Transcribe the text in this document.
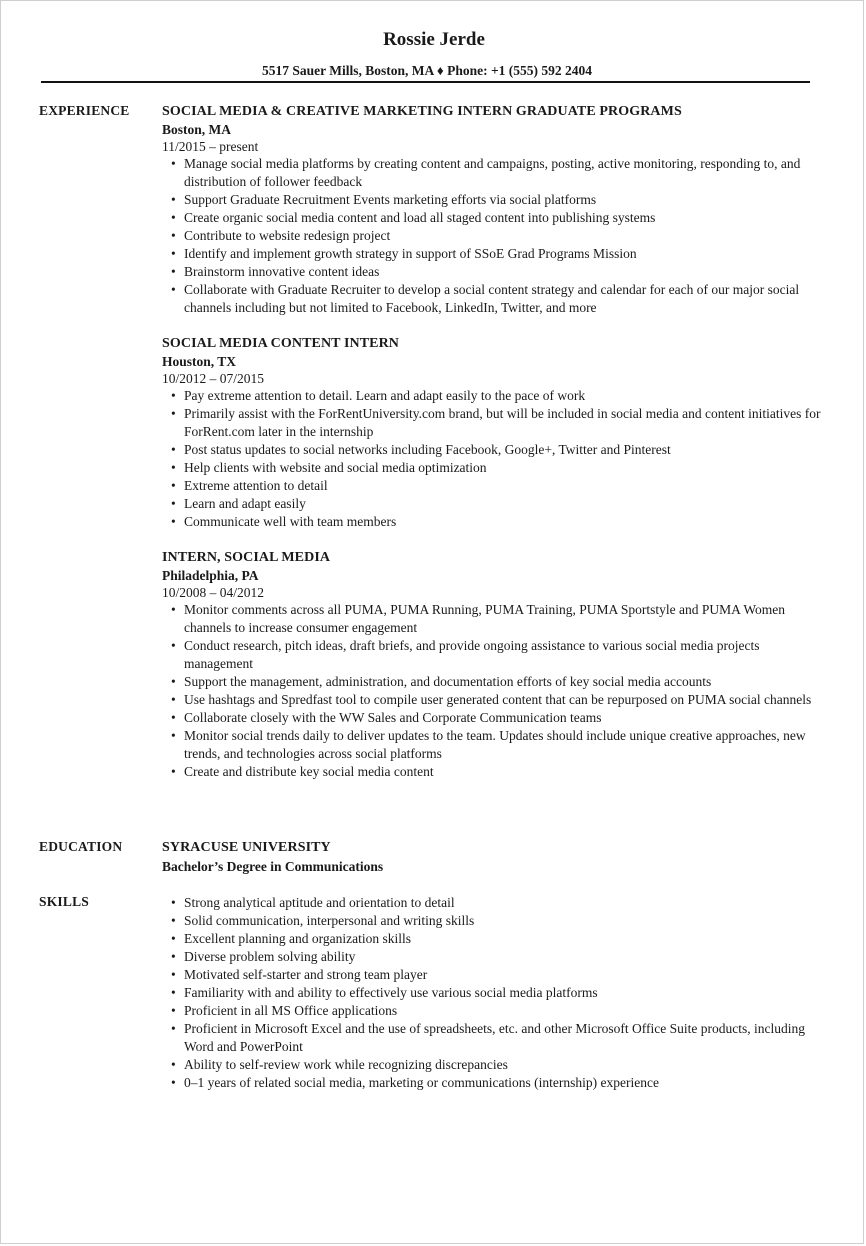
Rossie Jerde
5517 Sauer Mills, Boston, MA ♦ Phone: +1 (555) 592 2404
EXPERIENCE SOCIAL MEDIA & CREATIVE MARKETING INTERN GRADUATE PROGRAMS
Boston, MA
11/2015 – present
• Manage social media platforms by creating content and campaigns, posting, active monitoring, responding to, and distribution of follower feedback
• Support Graduate Recruitment Events marketing efforts via social platforms
• Create organic social media content and load all staged content into publishing systems
• Contribute to website redesign project
• Identify and implement growth strategy in support of SSoE Grad Programs Mission
• Brainstorm innovative content ideas
• Collaborate with Graduate Recruiter to develop a social content strategy and calendar for each of our major social channels including but not limited to Facebook, LinkedIn, Twitter, and more
SOCIAL MEDIA CONTENT INTERN
Houston, TX
10/2012 – 07/2015
• Pay extreme attention to detail. Learn and adapt easily to the pace of work
• Primarily assist with the ForRentUniversity.com brand, but will be included in social media and content initiatives for ForRent.com later in the internship
• Post status updates to social networks including Facebook, Google+, Twitter and Pinterest
• Help clients with website and social media optimization
• Extreme attention to detail
• Learn and adapt easily
• Communicate well with team members
INTERN, SOCIAL MEDIA
Philadelphia, PA
10/2008 – 04/2012
• Monitor comments across all PUMA, PUMA Running, PUMA Training, PUMA Sportstyle and PUMA Women channels to increase consumer engagement
• Conduct research, pitch ideas, draft briefs, and provide ongoing assistance to various social media projects management
• Support the management, administration, and documentation efforts of key social media accounts
• Use hashtags and Spredfast tool to compile user generated content that can be repurposed on PUMA social channels
• Collaborate closely with the WW Sales and Corporate Communication teams
• Monitor social trends daily to deliver updates to the team. Updates should include unique creative approaches, new trends, and technologies across social platforms
• Create and distribute key social media content
EDUCATION	SYRACUSE UNIVERSITY
Bachelor’s Degree in Communications
SKILLS	• Strong analytical aptitude and orientation to detail
• Solid communication, interpersonal and writing skills
• Excellent planning and organization skills
• Diverse problem solving ability
• Motivated self-starter and strong team player
• Familiarity with and ability to effectively use various social media platforms
• Proficient in all MS Office applications
• Proficient in Microsoft Excel and the use of spreadsheets, etc. and other Microsoft Office Suite products, including Word and PowerPoint
• Ability to self-review work while recognizing discrepancies
• 0–1 years of related social media, marketing or communications (internship) experience
